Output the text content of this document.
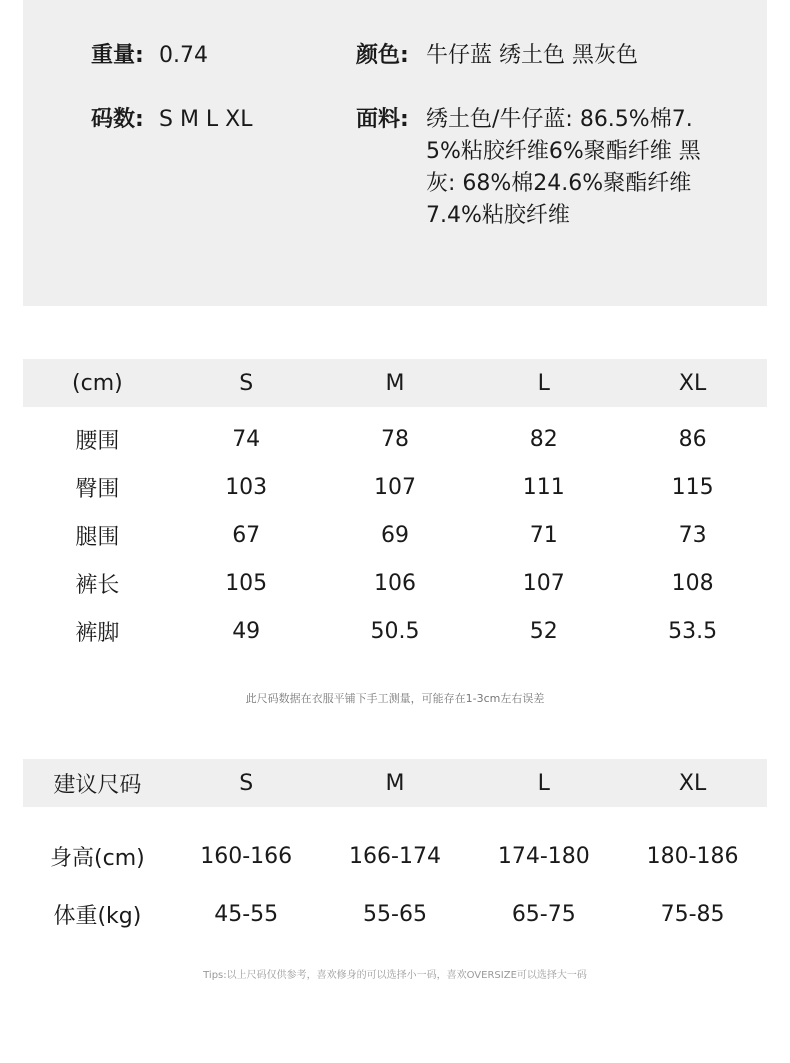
重量: 0.74
码数: S M L XL
颜色: 牛仔蓝 绣土色 黑灰色
面料: 绣土色/牛仔蓝: 86.5%棉7.5%粘胶纤维6%聚酯纤维 黑灰: 68%棉24.6%聚酯纤维7.4%粘胶纤维
(cm)	S	M	L	XL

腰围	74	78	82	86
臀围	103	107	111	115
腿围	67	69	71	73
裤长	105	106	107	108
裤脚	49	50.5	52	53.5
此尺码数据在衣服平铺下手工测量，可能存在1-3cm左右误差
建议尺码	S	M	L	XL

身高(cm)	160-166	166-174	174-180	180-186
体重(kg)	45-55	55-65	65-75	75-85
Tips:以上尺码仅供参考，喜欢修身的可以选择小一码，喜欢OVERSIZE可以选择大一码
